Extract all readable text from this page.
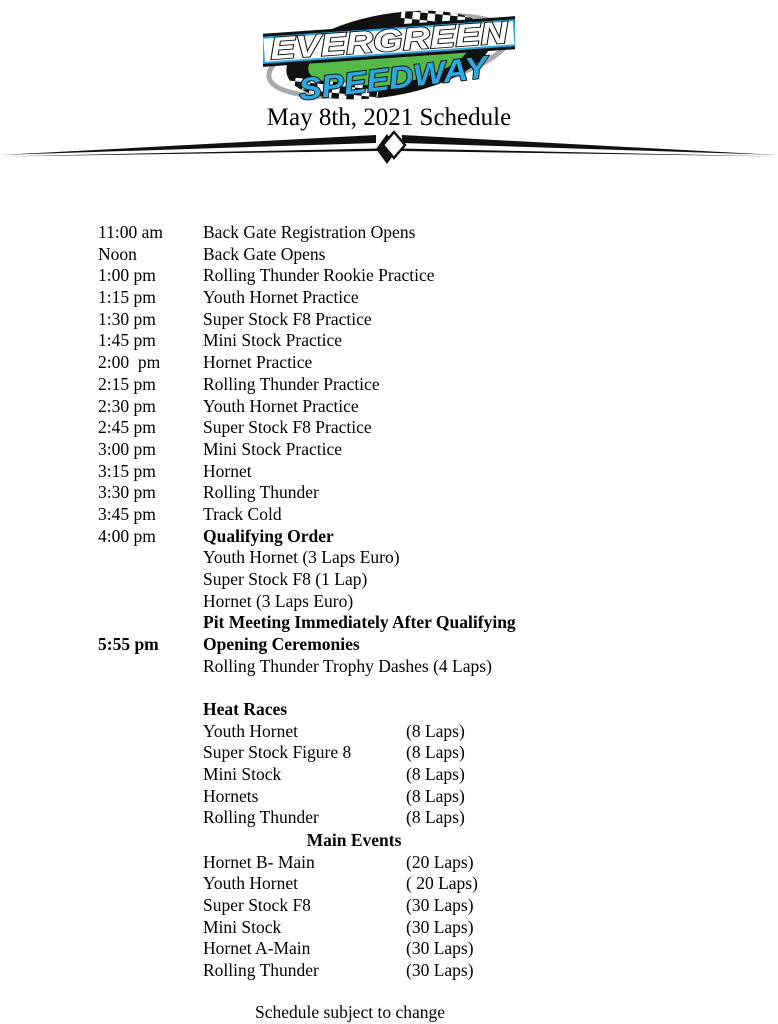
EVERGREEN
SPEEDWAY
May 8th, 2021 Schedule
11:00 am Back Gate Registration Opens
Noon	Back Gate Opens
1:00 pm	Rolling Thunder Rookie Practice
1:15 pm	Youth Hornet Practice
1:30 pm	Super Stock F8 Practice
1:45 pm	Mini Stock Practice
2:00  pm Hornet Practice
2:15 pm	Rolling Thunder Practice
2:30 pm	Youth Hornet Practice
2:45 pm	Super Stock F8 Practice
3:00 pm	Mini Stock Practice
3:15 pm	Hornet
3:30 pm	Rolling Thunder
3:45 pm	Track Cold
4:00 pm	Qualifying Order
Youth Hornet (3 Laps Euro)
Super Stock F8 (1 Lap)
Hornet (3 Laps Euro)
Pit Meeting Immediately After Qualifying
5:55 pm	Opening Ceremonies
Rolling Thunder Trophy Dashes (4 Laps)
Heat Races
Youth Hornet	(8 Laps)
Super Stock Figure 8	(8 Laps)
Mini Stock	(8 Laps)
Hornets	(8 Laps)
Rolling Thunder	(8 Laps)
Main Events
Hornet B- Main	(20 Laps)
Youth Hornet	( 20 Laps)
Super Stock F8	(30 Laps)
Mini Stock	(30 Laps)
Hornet A-Main	(30 Laps)
Rolling Thunder	(30 Laps)
Schedule subject to change
